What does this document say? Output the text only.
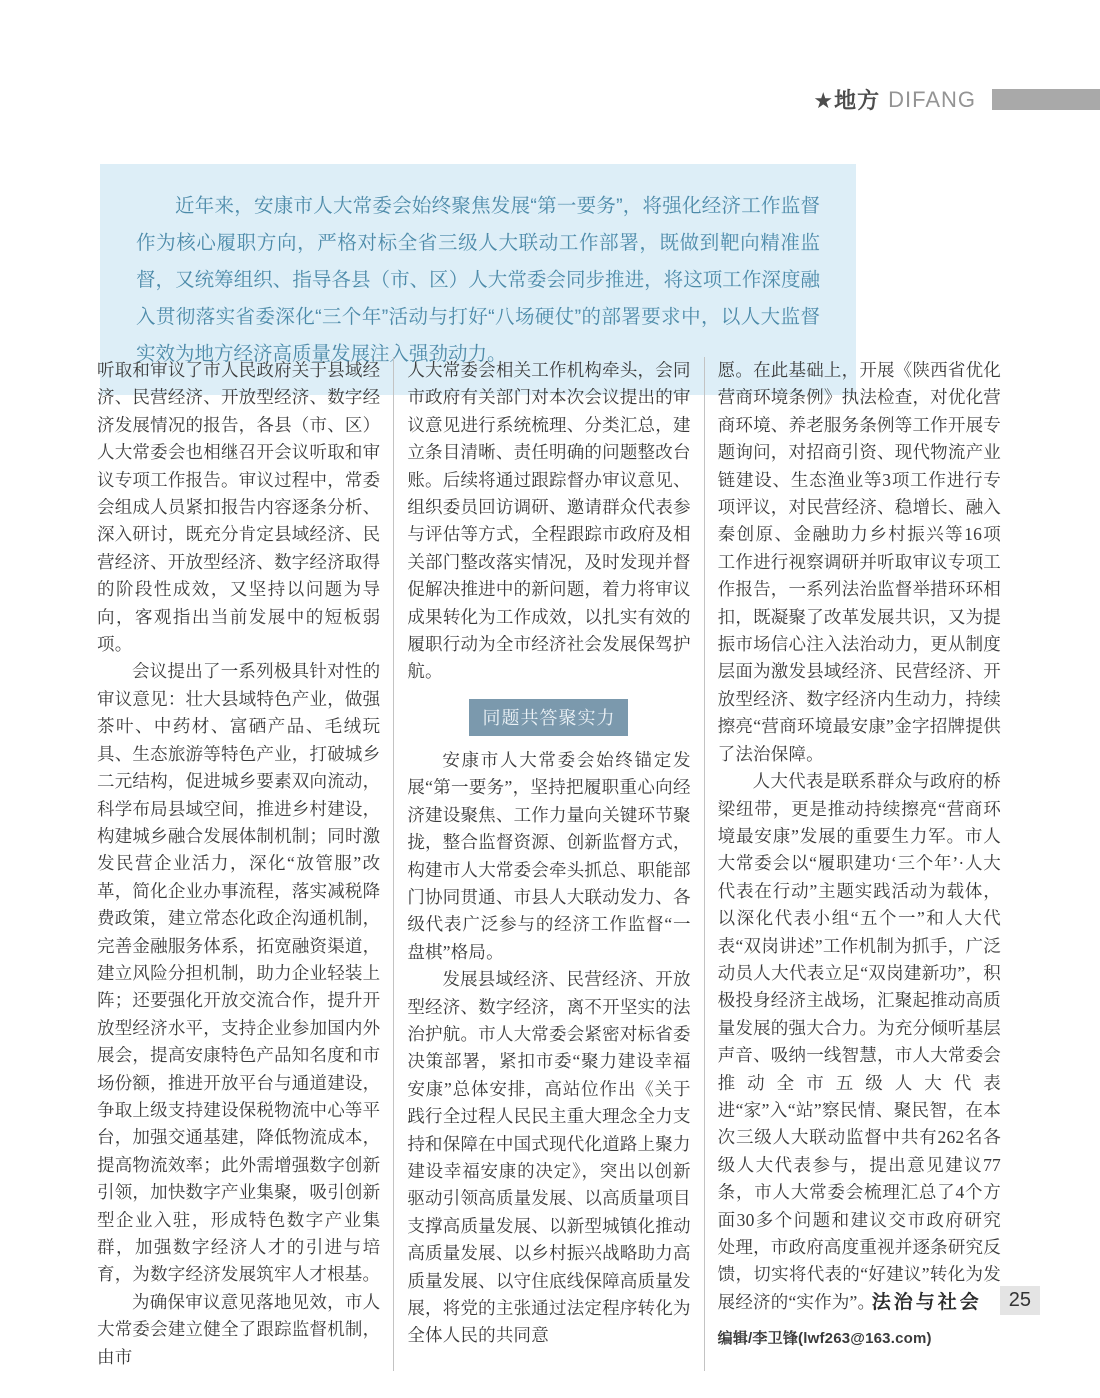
★地方 DIFANG

近年来，安康市人大常委会始终聚焦发展“第一要务”，将强化经济工作监督作为核心履职方向，严格对标全省三级人大联动工作部署，既做到靶向精准监督，又统筹组织、指导各县（市、区）人大常委会同步推进，将这项工作深度融入贯彻落实省委深化“三个年”活动与打好“八场硬仗”的部署要求中，以人大监督实效为地方经济高质量发展注入强劲动力。

听取和审议了市人民政府关于县域经济、民营经济、开放型经济、数字经济发展情况的报告，各县（市、区）人大常委会也相继召开会议听取和审议专项工作报告。审议过程中，常委会组成人员紧扣报告内容逐条分析、深入研讨，既充分肯定县域经济、民营经济、开放型经济、数字经济取得的阶段性成效，又坚持以问题为导向，客观指出当前发展中的短板弱项。

会议提出了一系列极具针对性的审议意见：壮大县域特色产业，做强茶叶、中药材、富硒产品、毛绒玩具、生态旅游等特色产业，打破城乡二元结构，促进城乡要素双向流动，科学布局县域空间，推进乡村建设，构建城乡融合发展体制机制；同时激发民营企业活力，深化“放管服”改革，简化企业办事流程，落实减税降费政策，建立常态化政企沟通机制，完善金融服务体系，拓宽融资渠道，建立风险分担机制，助力企业轻装上阵；还要强化开放交流合作，提升开放型经济水平，支持企业参加国内外展会，提高安康特色产品知名度和市场份额，推进开放平台与通道建设，争取上级支持建设保税物流中心等平台，加强交通基建，降低物流成本，提高物流效率；此外需增强数字创新引领，加快数字产业集聚，吸引创新型企业入驻，形成特色数字产业集群，加强数字经济人才的引进与培育，为数字经济发展筑牢人才根基。

为确保审议意见落地见效，市人大常委会建立健全了跟踪监督机制，由市

人大常委会相关工作机构牵头，会同市政府有关部门对本次会议提出的审议意见进行系统梳理、分类汇总，建立条目清晰、责任明确的问题整改台账。后续将通过跟踪督办审议意见、组织委员回访调研、邀请群众代表参与评估等方式，全程跟踪市政府及相关部门整改落实情况，及时发现并督促解决推进中的新问题，着力将审议成果转化为工作成效，以扎实有效的履职行动为全市经济社会发展保驾护航。

同题共答聚实力

安康市人大常委会始终锚定发展“第一要务”，坚持把履职重心向经济建设聚焦、工作力量向关键环节聚拢，整合监督资源、创新监督方式，构建市人大常委会牵头抓总、职能部门协同贯通、市县人大联动发力、各级代表广泛参与的经济工作监督“一盘棋”格局。

发展县域经济、民营经济、开放型经济、数字经济，离不开坚实的法治护航。市人大常委会紧密对标省委决策部署，紧扣市委“聚力建设幸福安康”总体安排，高站位作出《关于践行全过程人民民主重大理念全力支持和保障在中国式现代化道路上聚力建设幸福安康的决定》，突出以创新驱动引领高质量发展、以高质量项目支撑高质量发展、以新型城镇化推动高质量发展、以乡村振兴战略助力高质量发展、以守住底线保障高质量发展，将党的主张通过法定程序转化为全体人民的共同意

愿。在此基础上，开展《陕西省优化营商环境条例》执法检查，对优化营商环境、养老服务条例等工作开展专题询问，对招商引资、现代物流产业链建设、生态渔业等3项工作进行专项评议，对民营经济、稳增长、融入秦创原、金融助力乡村振兴等16项工作进行视察调研并听取审议专项工作报告，一系列法治监督举措环环相扣，既凝聚了改革发展共识，又为提振市场信心注入法治动力，更从制度层面为激发县域经济、民营经济、开放型经济、数字经济内生动力，持续擦亮“营商环境最安康”金字招牌提供了法治保障。

人大代表是联系群众与政府的桥梁纽带，更是推动持续擦亮“营商环境最安康”发展的重要生力军。市人大常委会以“履职建功‘三个年’·人大代表在行动”主题实践活动为载体，以深化代表小组“五个一”和人大代表“双岗讲述”工作机制为抓手，广泛动员人大代表立足“双岗建新功”，积极投身经济主战场，汇聚起推动高质量发展的强大合力。为充分倾听基层声音、吸纳一线智慧，市人大常委会推动全市五级人大代表进“家”入“站”察民情、聚民智，在本次三级人大联动监督中共有262名各级人大代表参与，提出意见建议77条，市人大常委会梳理汇总了4个方面30多个问题和建议交市政府研究处理，市政府高度重视并逐条研究反馈，切实将代表的“好建议”转化为发展经济的“实作为”。

编辑/李卫锋(lwf263@163.com)

法治与社会	25
